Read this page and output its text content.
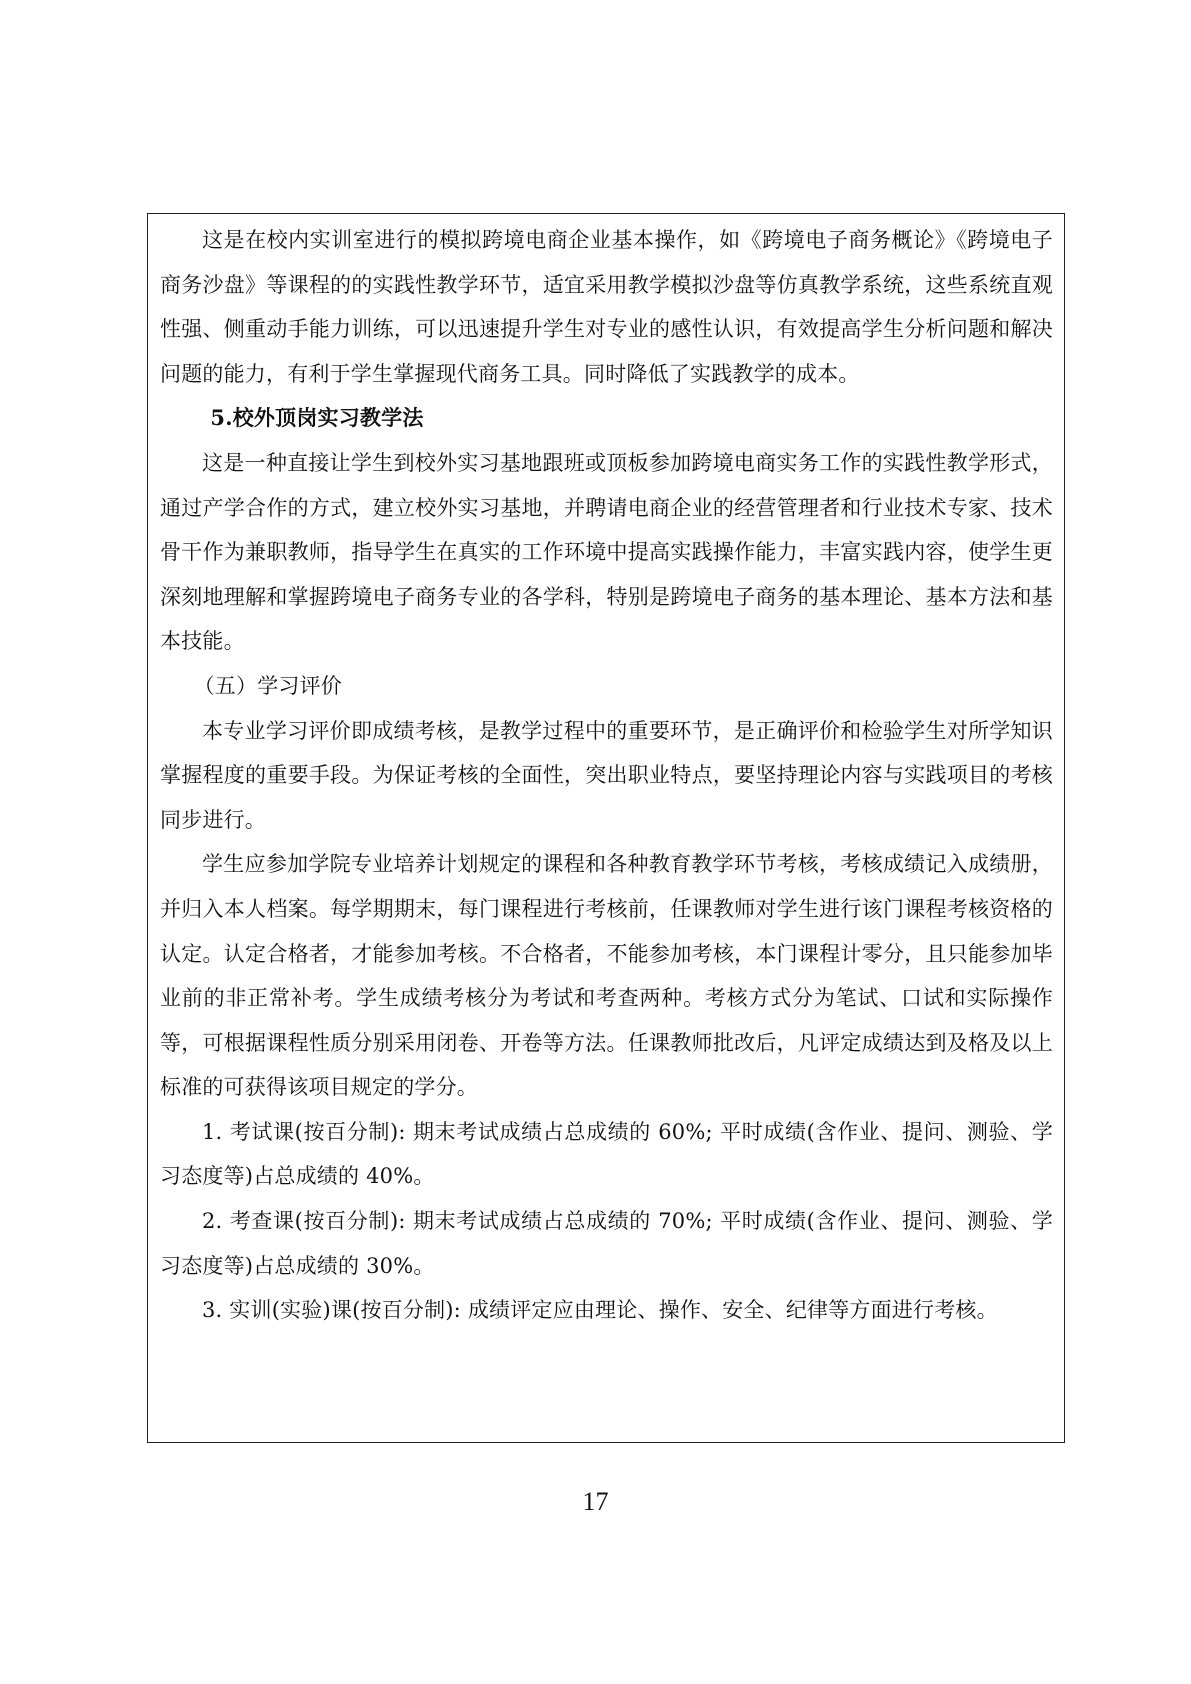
这是在校内实训室进行的模拟跨境电商企业基本操作，如《跨境电子商务概论》《跨境电子商务沙盘》等课程的的实践性教学环节，适宜采用教学模拟沙盘等仿真教学系统，这些系统直观性强、侧重动手能力训练，可以迅速提升学生对专业的感性认识，有效提高学生分析问题和解决问题的能力，有利于学生掌握现代商务工具。同时降低了实践教学的成本。

5.校外顶岗实习教学法

这是一种直接让学生到校外实习基地跟班或顶板参加跨境电商实务工作的实践性教学形式，通过产学合作的方式，建立校外实习基地，并聘请电商企业的经营管理者和行业技术专家、技术骨干作为兼职教师，指导学生在真实的工作环境中提高实践操作能力，丰富实践内容，使学生更深刻地理解和掌握跨境电子商务专业的各学科，特别是跨境电子商务的基本理论、基本方法和基本技能。

（五）学习评价

本专业学习评价即成绩考核，是教学过程中的重要环节，是正确评价和检验学生对所学知识掌握程度的重要手段。为保证考核的全面性，突出职业特点，要坚持理论内容与实践项目的考核同步进行。

学生应参加学院专业培养计划规定的课程和各种教育教学环节考核，考核成绩记入成绩册，并归入本人档案。每学期期末，每门课程进行考核前，任课教师对学生进行该门课程考核资格的认定。认定合格者，才能参加考核。不合格者，不能参加考核，本门课程计零分，且只能参加毕业前的非正常补考。学生成绩考核分为考试和考查两种。考核方式分为笔试、口试和实际操作等，可根据课程性质分别采用闭卷、开卷等方法。任课教师批改后，凡评定成绩达到及格及以上标准的可获得该项目规定的学分。

1. 考试课(按百分制): 期末考试成绩占总成绩的 60%; 平时成绩(含作业、提问、测验、学习态度等)占总成绩的 40%。

2. 考查课(按百分制): 期末考试成绩占总成绩的 70%; 平时成绩(含作业、提问、测验、学习态度等)占总成绩的 30%。

3. 实训(实验)课(按百分制): 成绩评定应由理论、操作、安全、纪律等方面进行考核。

17
